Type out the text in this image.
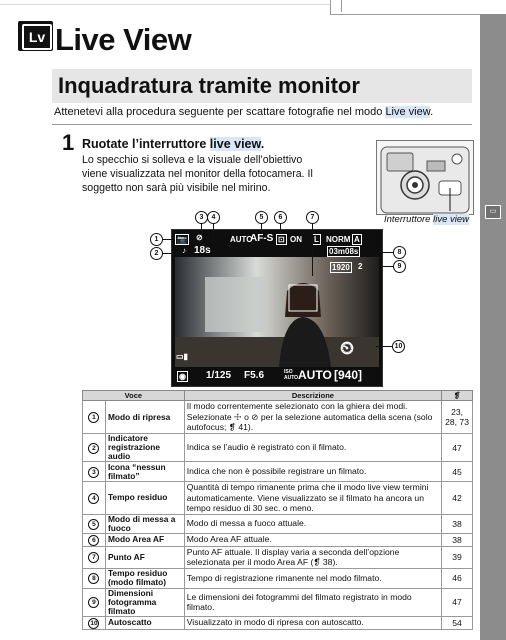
▭
Lv Live View
Inquadratura tramite monitor
Attenetevi alla procedura seguente per scattare fotografie nel modo Live view.
1 Ruotate l’interruttore live view.
Lo specchio si solleva e la visuale dell’obiettivo viene visualizzata nel monitor della fotocamera. Il soggetto non sarà più visibile nel mirino.
Interruttore live view
📷 ⊘	AUTO
AF-S ⊡ ON L NORM A
♪ 18s	03m08s
1920 2
⏲
▭▮
◉ 1/125 F5.6	ISO
AUTO AUTO [940]
1
2
3	4	5	6	7
8
9
10
Voce		Descrizione	❡
1	Modo di ripresa	Il modo correntemente selezionato con la ghiera dei modi. Selezionate ☩ o ⊘ per la selezione automatica della scena (solo autofocus; ❡ 41).	23, 28, 73
2	Indicatore registrazione audio	Indica se l’audio è registrato con il filmato.	47
3	Icona “nessun filmato”	Indica che non è possibile registrare un filmato.	45
4	Tempo residuo	Quantità di tempo rimanente prima che il modo live view termini automaticamente. Viene visualizzato se il filmato ha ancora un tempo residuo di 30 sec. o meno.	42
5	Modo di messa a fuoco	Modo di messa a fuoco attuale.	38
6	Modo Area AF	Modo Area AF attuale.	38
7	Punto AF	Punto AF attuale. Il display varia a seconda dell’opzione selezionata per il modo Area AF (❡ 38).	39
8	Tempo residuo (modo filmato)	Tempo di registrazione rimanente nel modo filmato.	46
9	Dimensioni fotogramma filmato	Le dimensioni dei fotogrammi del filmato registrato in modo filmato.	47
10	Autoscatto	Visualizzato in modo di ripresa con autoscatto.	54
